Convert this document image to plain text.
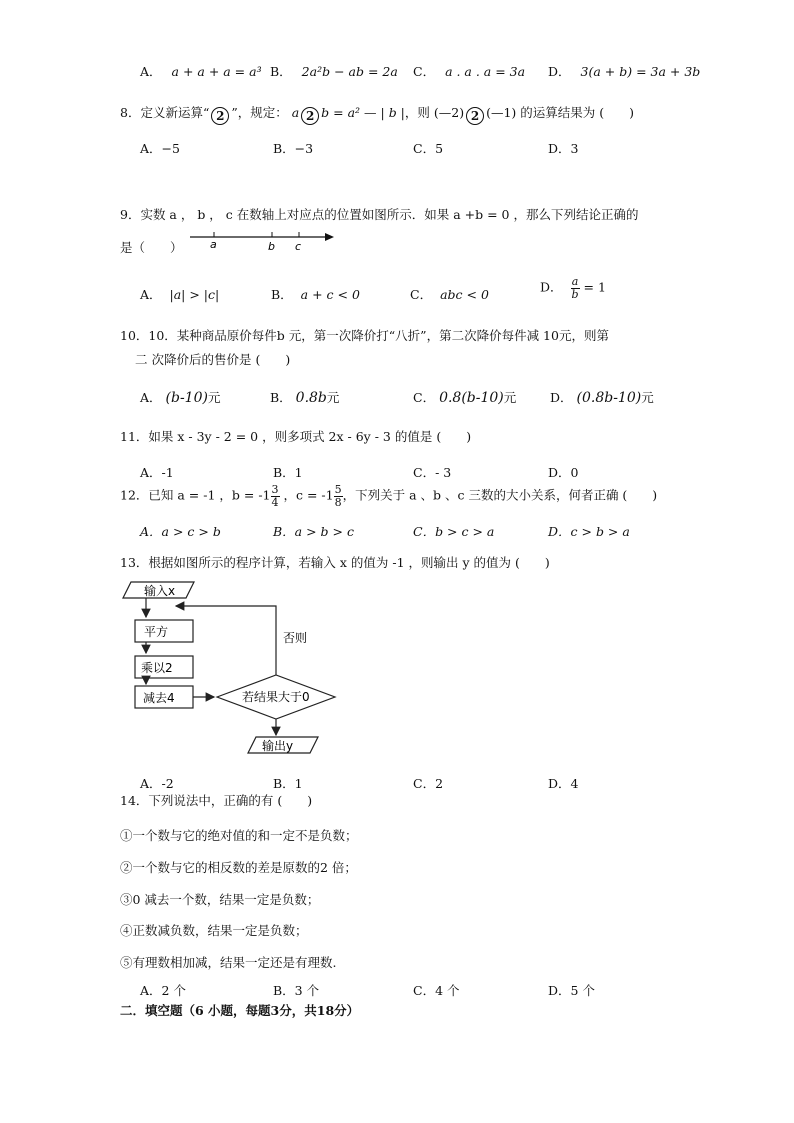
A． a + a + a = a³ B． 2a²b − ab = 2a C． a . a . a = 3a D． 3(a + b) = 3a + 3b
8．定义新运算“ 2 ”，规定： a 2 b = a² — | b |，则 (—2) 2 (—1) 的运算结果为 (　　)
A．−5	B．−3	C．5	D．3
9．实数 a ， b ， c 在数轴上对应点的位置如图所示．如果 a +b = 0 ，那么下列结论正确的
是（　　） a	b c
A． |a| > |c|	B． a + c < 0	C． abc < 0	D． $\frac{a}{b} = 1$
10．10．某种商品原价每件b 元，第一次降价打“八折”，第二次降价每件减 10元，则第
二 次降价后的售价是 (　　)
A． (b-10)元	B． 0.8b元	C． 0.8(b-10)元	D． (0.8b-10)元
11．如果 x - 3y - 2 = 0 ，则多项式 2x - 6y - 3 的值是 (　　)
A．-1	B．1	C．- 3	D．0
12．已知 a = -1 ，$b = -1 \frac{3}{4}$ ，$c = -1 \frac{5}{8}$ ，下列关于 a 、b 、c 三数的大小关系，何者正确 (　　)
A．a > c > b	B．a > b > c	C．b > c > a	D．c > b > a
13．根据如图所示的程序计算，若输入 x 的值为 -1 ，则输出 y 的值为 (　　)
输入x
平方
乘以2
减去4	若结果大于0
否则
输出y
A．-2	B．1	C．2	D．4
14．下列说法中，正确的有 (　　)
①一个数与它的绝对值的和一定不是负数；
②一个数与它的相反数的差是原数的2 倍；
③0 减去一个数，结果一定是负数；
④正数减负数，结果一定是负数；
⑤有理数相加减，结果一定还是有理数.
A．2 个	B．3 个	C．4 个	D．5 个
二．填空题（6 小题，每题3分，共18分）
